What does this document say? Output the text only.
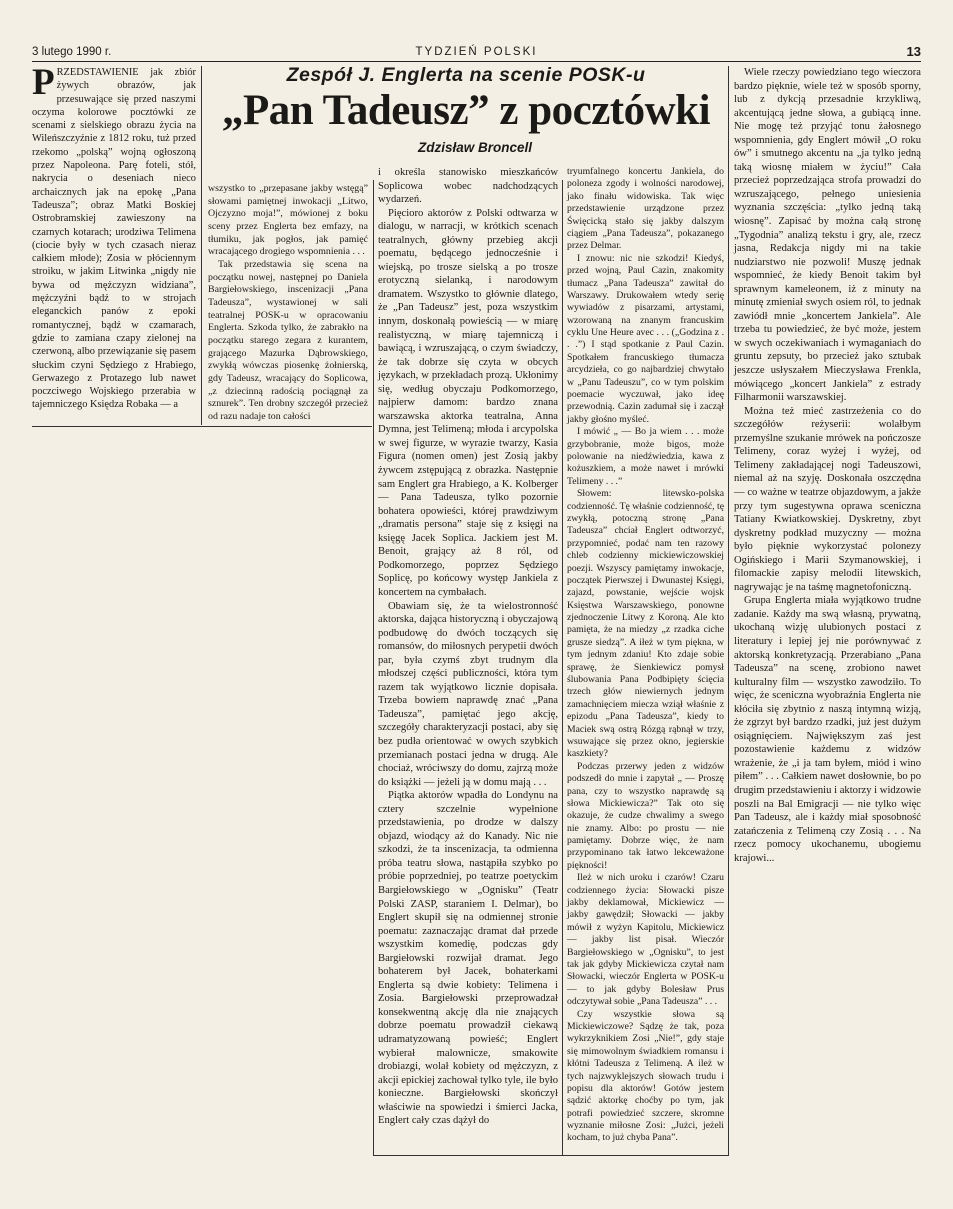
3 lutego 1990 r.	TYDZIEŃ POLSKI	13
Zespół J. Englerta na scenie POSK-u
„Pan Tadeusz” z pocztówki
Zdzisław Broncell

PRZEDSTAWIENIE jak zbiór żywych obrazów, jak przesuwające się przed naszymi oczyma kolorowe pocztówki ze scenami z sielskiego obrazu życia na Wileńszczyźnie z 1812 roku, tuż przed rzekomo „polską” wojną ogłoszoną przez Napoleona. Parę foteli, stół, nakrycia o deseniach nieco archaicznych jak na epokę „Pana Tadeusza”; obraz Matki Boskiej Ostrobramskiej zawieszony na czarnych kotarach; urodziwa Telimena (ciocie były w tych czasach nieraz całkiem młode); Zosia w płóciennym stroiku, w jakim Litwinka „nigdy nie bywa od mężczyzn widziana”, mężczyźni bądź to w strojach eleganckich panów z epoki romantycznej, bądź w czamarach, gdzie to zamiana czapy zielonej na czerwoną, albo przewiązanie się pasem słuckim czyni Sędziego z Hrabiego, Gerwazego z Protazego lub nawet poczciwego Wojskiego przerabia w tajemniczego Księdza Robaka — a

wszystko to „przepasane jakby wstęgą” słowami pamiętnej inwokacji „Litwo, Ojczyzno moja!”, mówionej z boku sceny przez Englerta bez emfazy, na tłumiku, jak pogłos, jak pamięć wracającego drogiego wspomnienia . . .

Tak przedstawia się scena na początku nowej, następnej po Daniela Bargiełowskiego, inscenizacji „Pana Tadeusza”, wystawionej w sali teatralnej POSK-u w opracowaniu Englerta. Szkoda tylko, że zabrakło na początku starego zegara z kurantem, grającego Mazurka Dąbrowskiego, zwykłą wówczas piosenkę żołnierską, gdy Tadeusz, wracający do Soplicowa, „z dziecinną radością pociągnął za sznurek”. Ten drobny szczegół przecież od razu nadaje ton całości

i określa stanowisko mieszkańców Soplicowa wobec nadchodzących wydarzeń.

Pięcioro aktorów z Polski odtwarza w dialogu, w narracji, w krótkich scenach teatralnych, główny przebieg akcji poematu, będącego jednocześnie i wiejską, po trosze sielską a po trosze erotyczną sielanką, i narodowym dramatem. Wszystko to głównie dlatego, że „Pan Tadeusz” jest, poza wszystkim innym, doskonałą powieścią — w miarę realistyczną, w miarę tajemniczą i bawiącą, i wzruszającą, o czym świadczy, że tak dobrze się czyta w obcych językach, w przekładach prozą. Ukłonimy się, według obyczaju Podkomorzego, najpierw damom: bardzo znana warszawska aktorka teatralna, Anna Dymna, jest Telimeną; młoda i arcypolska w swej figurze, w wyrazie twarzy, Kasia Figura (nomen omen) jest Zosią jakby żywcem zstępującą z obrazka. Następnie sam Englert gra Hrabiego, a K. Kolberger — Pana Tadeusza, tylko pozornie bohatera opowieści, której prawdziwym „dramatis persona” staje się z księgi na księgę Jacek Soplica. Jackiem jest M. Benoit, grający aż 8 ról, od Podkomorzego, poprzez Sędziego Soplicę, po końcowy występ Jankiela z koncertem na cymbałach.

Obawiam się, że ta wielostronność aktorska, dająca historyczną i obyczajową podbudowę do dwóch toczących się romansów, do miłosnych perypetii dwóch par, była czymś zbyt trudnym dla młodszej części publiczności, która tym razem tak wyjątkowo licznie dopisała. Trzeba bowiem naprawdę znać „Pana Tadeusza”, pamiętać jego akcję, szczegóły charakteryzacji postaci, aby się bez pudła orientować w owych szybkich przemianach postaci jedna w drugą. Ale chociaż, wróciwszy do domu, zajrzą może do książki — jeżeli ją w domu mają . . .

Piątka aktorów wpadła do Londynu na cztery szczelnie wypełnione przedstawienia, po drodze w dalszy objazd, wiodący aż do Kanady. Nic nie szkodzi, że ta inscenizacja, ta odmienna próba teatru słowa, nastąpiła szybko po próbie poprzedniej, po teatrze poetyckim Bargiełowskiego w „Ognisku” (Teatr Polski ZASP, staraniem I. Delmar), bo Englert skupił się na odmiennej stronie poematu: zaznaczając dramat dał przede wszystkim komedię, podczas gdy Bargiełowski rozwijał dramat. Jego bohaterem był Jacek, bohaterkami Englerta są dwie kobiety: Telimena i Zosia. Bargiełowski przeprowadzał konsekwentną akcję dla nie znających dobrze poematu prowadził ciekawą udramatyzowaną powieść; Englert wybierał malownicze, smakowite drobiazgi, wolał kobiety od mężczyzn, z akcji epickiej zachował tylko tyle, ile było konieczne. Bargiełowski skończył właściwie na spowiedzi i śmierci Jacka, Englert cały czas dążył do

tryumfalnego koncertu Jankiela, do poloneza zgody i wolności narodowej, jako finału widowiska. Tak więc przedstawienie urządzone przez Święcicką stało się jakby dalszym ciągiem „Pana Tadeusza”, pokazanego przez Delmar.

I znowu: nic nie szkodzi! Kiedyś, przed wojną, Paul Cazin, znakomity tłumacz „Pana Tadeusza” zawitał do Warszawy. Drukowałem wtedy serię wywiadów z pisarzami, artystami, wzorowaną na znanym francuskim cyklu Une Heure avec . . . („Godzina z . . .”) I stąd spotkanie z Paul Cazin. Spotkałem francuskiego tłumacza arcydzieła, co go najbardziej chwytało w „Panu Tadeuszu”, co w tym polskim poemacie wyczuwał, jako ideę przewodnią. Cazin zadumał się i zaczął jakby głośno myśleć.

I mówić „ — Bo ja wiem . . . może grzybobranie, może bigos, może polowanie na niedźwiedzia, kawa z kożuszkiem, a może nawet i mrówki Telimeny . . .”

Słowem: litewsko-polska codzienność. Tę właśnie codzienność, tę zwykłą, potoczną stronę „Pana Tadeusza” chciał Englert odtworzyć, przypomnieć, podać nam ten razowy chleb codzienny mickiewiczowskiej poezji. Wszyscy pamiętamy inwokacje, początek Pierwszej i Dwunastej Księgi, zajazd, powstanie, wejście wojsk Księstwa Warszawskiego, ponowne zjednoczenie Litwy z Koroną. Ale kto pamięta, że na miedzy „z rzadka ciche grusze siedzą”. A iłeż w tym piękna, w tym jednym zdaniu! Kto zdaje sobie sprawę, że Sienkiewicz pomysł ślubowania Pana Podbipięty ścięcia trzech głów niewiernych jednym zamachnięciem miecza wziął właśnie z epizodu „Pana Tadeusza”, kiedy to Maciek swą ostrą Rózgą rąbnął w trzy, wsuwające się przez okno, jegierskie kaszkiety?

Podczas przerwy jeden z widzów podszedł do mnie i zapytał „ — Proszę pana, czy to wszystko naprawdę są słowa Mickiewicza?” Tak oto się okazuje, że cudze chwalimy a swego nie znamy. Albo: po prostu — nie pamiętamy. Dobrze więc, że nam przypominano tak łatwo lekceważone piękności!

Ileż w nich uroku i czarów! Czaru codziennego życia: Słowacki pisze jakby deklamował, Mickiewicz — jakby gawędził; Słowacki — jakby mówił z wyżyn Kapitolu, Mickiewicz — jakby list pisał. Wieczór Bargiełowskiego w „Ognisku”, to jest tak jak gdyby Mickiewicza czytał nam Słowacki, wieczór Englerta w POSK-u — to jak gdyby Bolesław Prus odczytywał sobie „Pana Tadeusza” . . .

Czy wszystkie słowa są Mickiewiczowe? Sądzę że tak, poza wykrzyknikiem Zosi „Nie!”, gdy staje się mimowolnym świadkiem romansu i kłótni Tadeusza z Telimeną. A ileż w tych najzwyklejszych słowach trudu i popisu dla aktorów! Gotów jestem sądzić aktorkę choćby po tym, jak potrafi powiedzieć szczere, skromne wyznanie miłosne Zosi: „Jużci, jeżeli kocham, to już chyba Pana”.

Wiele rzeczy powiedziano tego wieczora bardzo pięknie, wiele też w sposób sporny, lub z dykcją przesadnie krzykliwą, akcentującą jedne słowa, a gubiącą inne. Nie mogę też przyjąć tonu żałosnego wspomnienia, gdy Englert mówił „O roku ów” i smutnego akcentu na „ja tylko jedną taką wiosnę miałem w życiu!” Cała przecież poprzedzająca strofa prowadzi do wzruszającego, pełnego uniesienia wyznania szczęścia: „tylko jedną taką wiosnę”. Zapisać by można całą stronę „Tygodnia” analizą tekstu i gry, ale, rzecz jasna, Redakcja nigdy mi na takie nudziarstwo nie pozwoli! Muszę jednak wspomnieć, że kiedy Benoit takim był sprawnym kameleonem, iż z minuty na minutę zmieniał swych osiem ról, to jednak zawiódł mnie „koncertem Jankiela”. Ale trzeba tu powiedzieć, że być może, jestem w swych oczekiwaniach i wymaganiach do gruntu zepsuty, bo przecież jako sztubak jeszcze usłyszałem Mieczysława Frenkla, mówiącego „koncert Jankiela” z estrady Filharmonii warszawskiej.

Można też mieć zastrzeżenia co do szczegółów reżyserii: wolałbym przemyślne szukanie mrówek na pończosze Telimeny, coraz wyżej i wyżej, od Telimeny zakładającej nogi Tadeuszowi, niemal aż na szyję. Doskonała oszczędna — co ważne w teatrze objazdowym, a jakże przy tym sugestywna oprawa sceniczna Tatiany Kwiatkowskiej. Dyskretny, zbyt dyskretny podkład muzyczny — można było pięknie wykorzystać polonezy Ogińskiego i Marii Szymanowskiej, i filomackie zapisy melodii litewskich, nagrywając je na taśmę magnetofoniczną.

Grupa Englerta miała wyjątkowo trudne zadanie. Każdy ma swą własną, prywatną, ukochaną wizję ulubionych postaci z literatury i lepiej jej nie porównywać z aktorską konkretyzacją. Przerabiano „Pana Tadeusza” na scenę, zrobiono nawet kulturalny film — wszystko zawodziło. To więc, że sceniczna wyobraźnia Englerta nie kłóciła się zbytnio z naszą intymną wizją, że zgrzyt był bardzo rzadki, już jest dużym osiągnięciem. Największym zaś jest pozostawienie każdemu z widzów wrażenie, że „i ja tam byłem, miód i wino piłem” . . . Całkiem nawet dosłownie, bo po drugim przedstawieniu i aktorzy i widzowie poszli na Bal Emigracji — nie tylko więc Pan Tadeusz, ale i każdy miał sposobność zatańczenia z Telimeną czy Zosią . . . Na rzecz pomocy ukochanemu, ubogiemu krajowi...
